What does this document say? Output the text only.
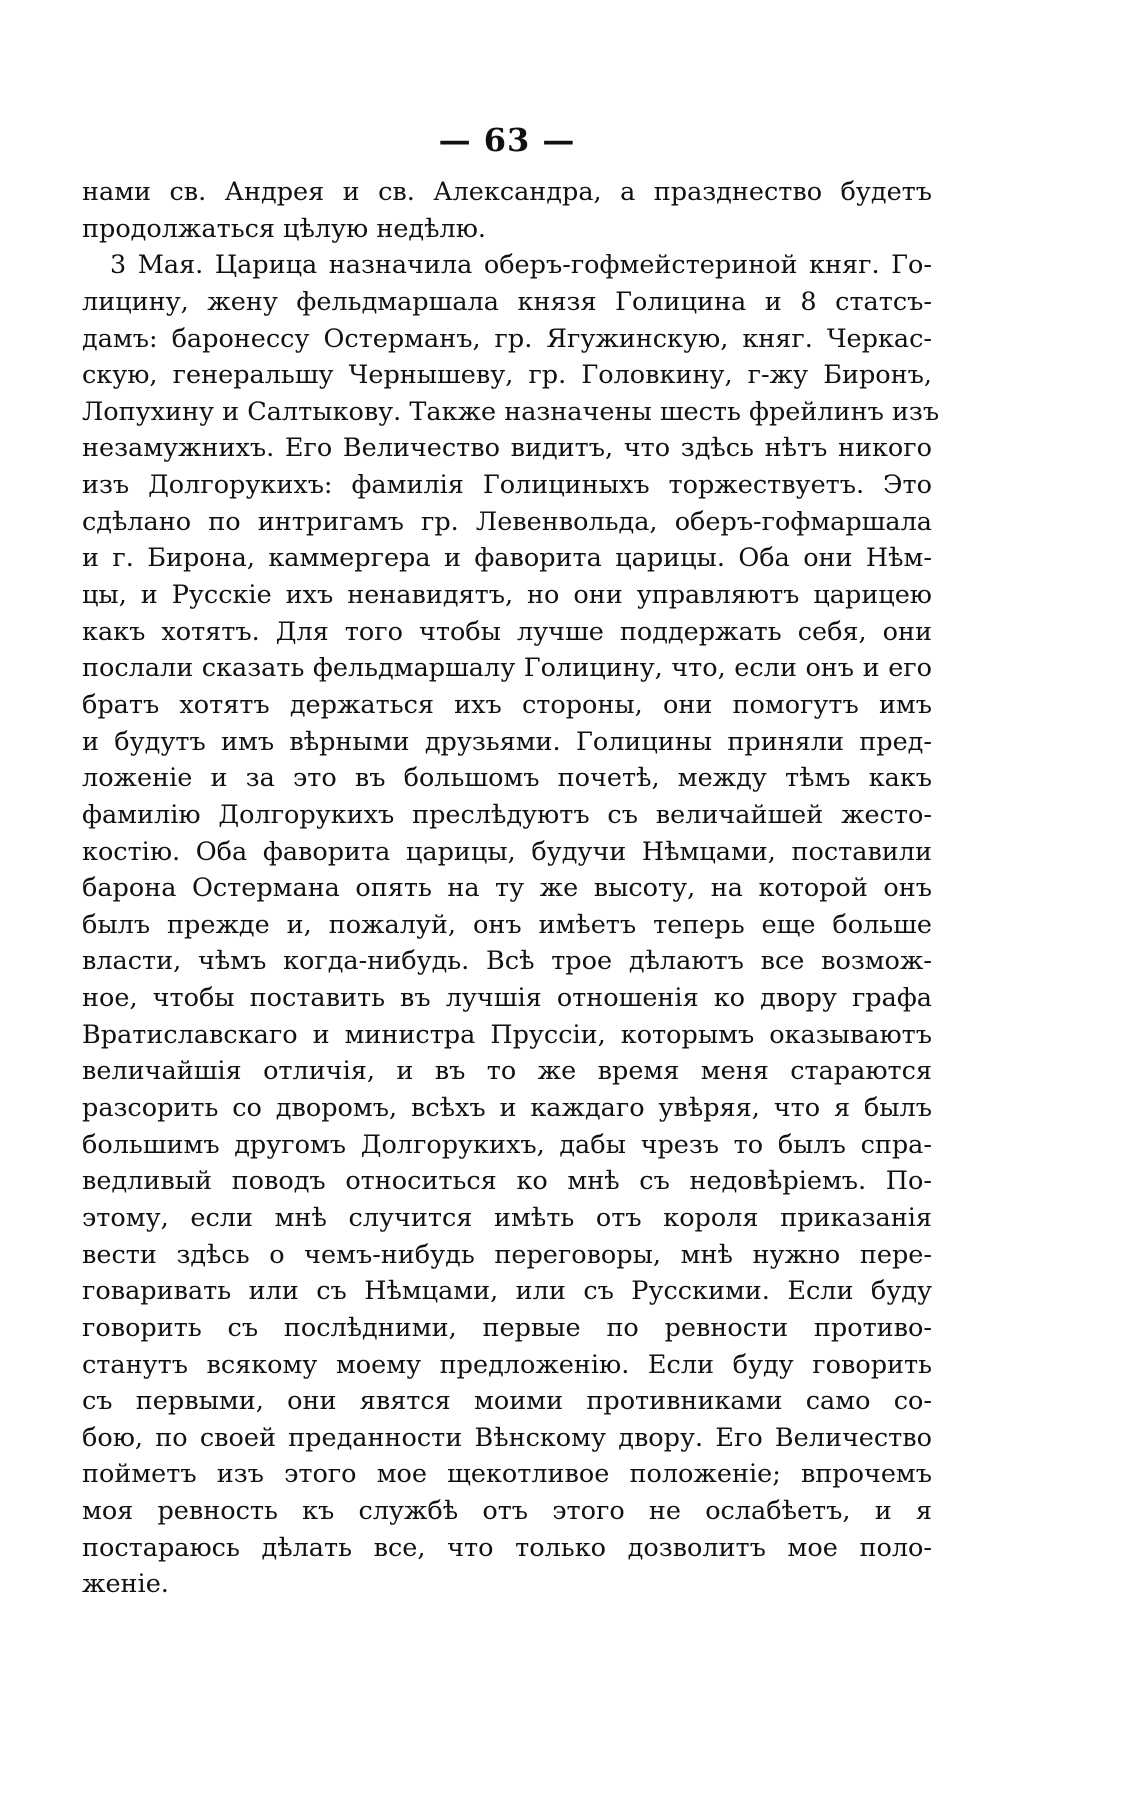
— 63 —
нами св. Андрея и св. Александра, а празднество будетъ
продолжаться цѣлую недѣлю.
3 Мая. Царица назначила оберъ-гофмейстериной княг. Го-
лицину, жену фельдмаршала князя Голицина и 8 статсъ-
дамъ: баронессу Остерманъ, гр. Ягужинскую, княг. Черкас-
скую, генеральшу Чернышеву, гр. Головкину, г-жу Биронъ,
Лопухину и Салтыкову. Также назначены шесть фрейлинъ изъ
незамужнихъ. Его Величество видитъ, что здѣсь нѣтъ никого
изъ Долгорукихъ: фамилія Голициныхъ торжествуетъ. Это
сдѣлано по интригамъ гр. Левенвольда, оберъ-гофмаршала
и г. Бирона, каммергера и фаворита царицы. Оба они Нѣм-
цы, и Русскіе ихъ ненавидятъ, но они управляютъ царицею
какъ хотятъ. Для того чтобы лучше поддержать себя, они
послали сказать фельдмаршалу Голицину, что, если онъ и его
братъ хотятъ держаться ихъ стороны, они помогутъ имъ
и будутъ имъ вѣрными друзьями. Голицины приняли пред-
ложеніе и за это въ большомъ почетѣ, между тѣмъ какъ
фамилію Долгорукихъ преслѣдуютъ съ величайшей жесто-
костію. Оба фаворита царицы, будучи Нѣмцами, поставили
барона Остермана опять на ту же высоту, на которой онъ
былъ прежде и, пожалуй, онъ имѣетъ теперь еще больше
власти, чѣмъ когда-нибудь. Всѣ трое дѣлаютъ все возмож-
ное, чтобы поставить въ лучшія отношенія ко двору графа
Вратиславскаго и министра Пруссіи, которымъ оказываютъ
величайшія отличія, и въ то же время меня стараются
разсорить со дворомъ, всѣхъ и каждаго увѣряя, что я былъ
большимъ другомъ Долгорукихъ, дабы чрезъ то былъ спра-
ведливый поводъ относиться ко мнѣ съ недовѣріемъ. По-
этому, если мнѣ случится имѣть отъ короля приказанія
вести здѣсь о чемъ-нибудь переговоры, мнѣ нужно пере-
говаривать или съ Нѣмцами, или съ Русскими. Если буду
говорить съ послѣдними, первые по ревности противо-
станутъ всякому моему предложенію. Если буду говорить
съ первыми, они явятся моими противниками само со-
бою, по своей преданности Вѣнскому двору. Его Величество
пойметъ изъ этого мое щекотливое положеніе; впрочемъ
моя ревность къ службѣ отъ этого не ослабѣетъ, и я
постараюсь дѣлать все, что только дозволитъ мое поло-
женіе.
